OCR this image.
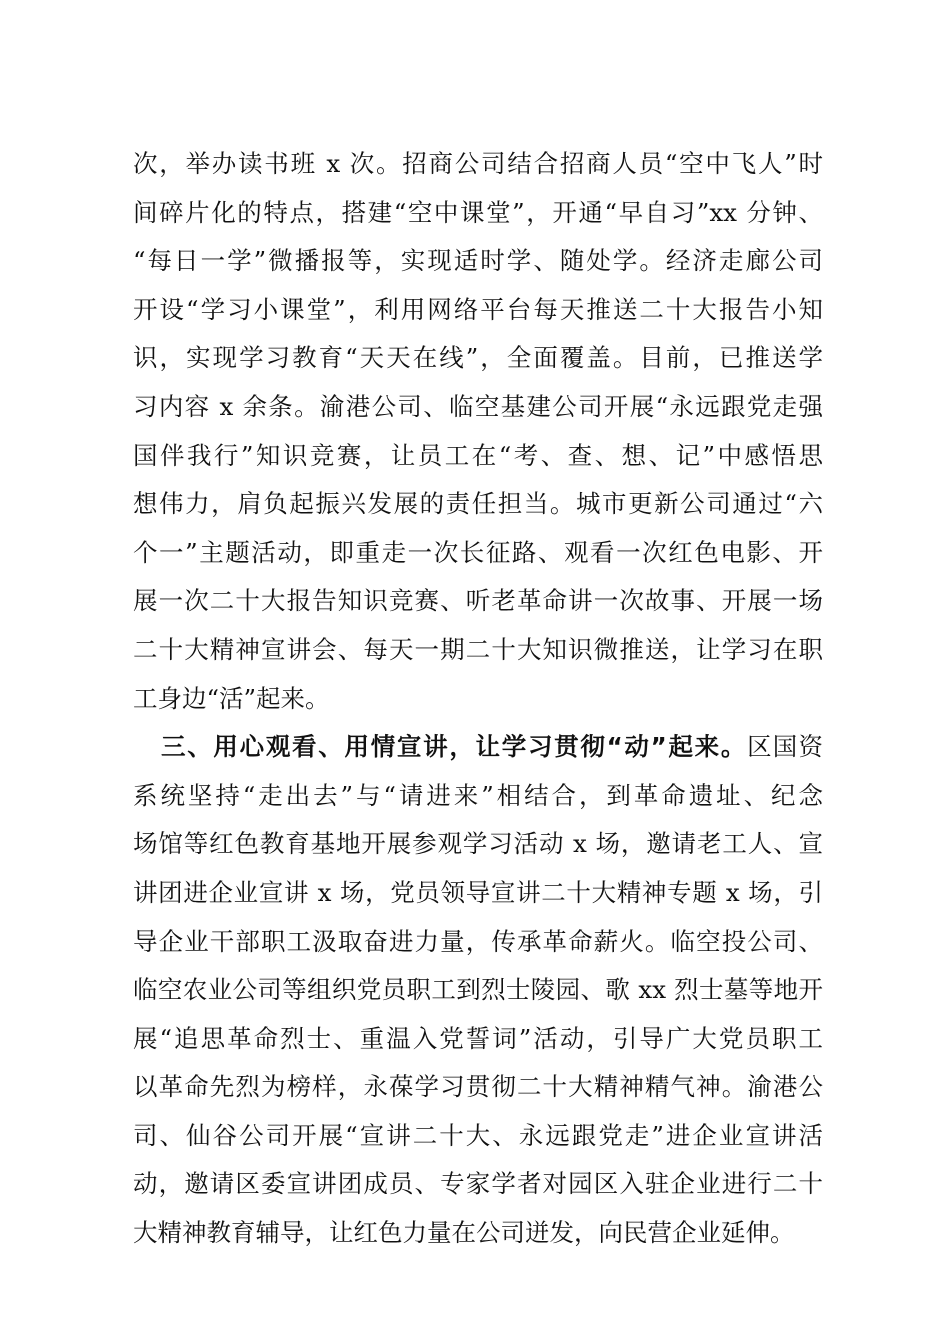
次，举办读书班 x 次。招商公司结合招商人员“空中飞人”时
间碎片化的特点，搭建“空中课堂”，开通“早自习”xx 分钟、
“每日一学”微播报等，实现适时学、随处学。经济走廊公司
开设“学习小课堂”，利用网络平台每天推送二十大报告小知
识，实现学习教育“天天在线”，全面覆盖。目前，已推送学
习内容 x 余条。渝港公司、临空基建公司开展“永远跟党走强
国伴我行”知识竞赛，让员工在“考、查、想、记”中感悟思
想伟力，肩负起振兴发展的责任担当。城市更新公司通过“六
个一”主题活动，即重走一次长征路、观看一次红色电影、开
展一次二十大报告知识竞赛、听老革命讲一次故事、开展一场
二十大精神宣讲会、每天一期二十大知识微推送，让学习在职
工身边“活”起来。
三、用心观看、用情宣讲，让学习贯彻“动”起来。区国资
系统坚持“走出去”与“请进来”相结合，到革命遗址、纪念
场馆等红色教育基地开展参观学习活动 x 场，邀请老工人、宣
讲团进企业宣讲 x 场，党员领导宣讲二十大精神专题 x 场，引
导企业干部职工汲取奋进力量，传承革命薪火。临空投公司、
临空农业公司等组织党员职工到烈士陵园、歌 xx 烈士墓等地开
展“追思革命烈士、重温入党誓词”活动，引导广大党员职工
以革命先烈为榜样，永葆学习贯彻二十大精神精气神。渝港公
司、仙谷公司开展“宣讲二十大、永远跟党走”进企业宣讲活
动，邀请区委宣讲团成员、专家学者对园区入驻企业进行二十
大精神教育辅导，让红色力量在公司迸发，向民营企业延伸。
